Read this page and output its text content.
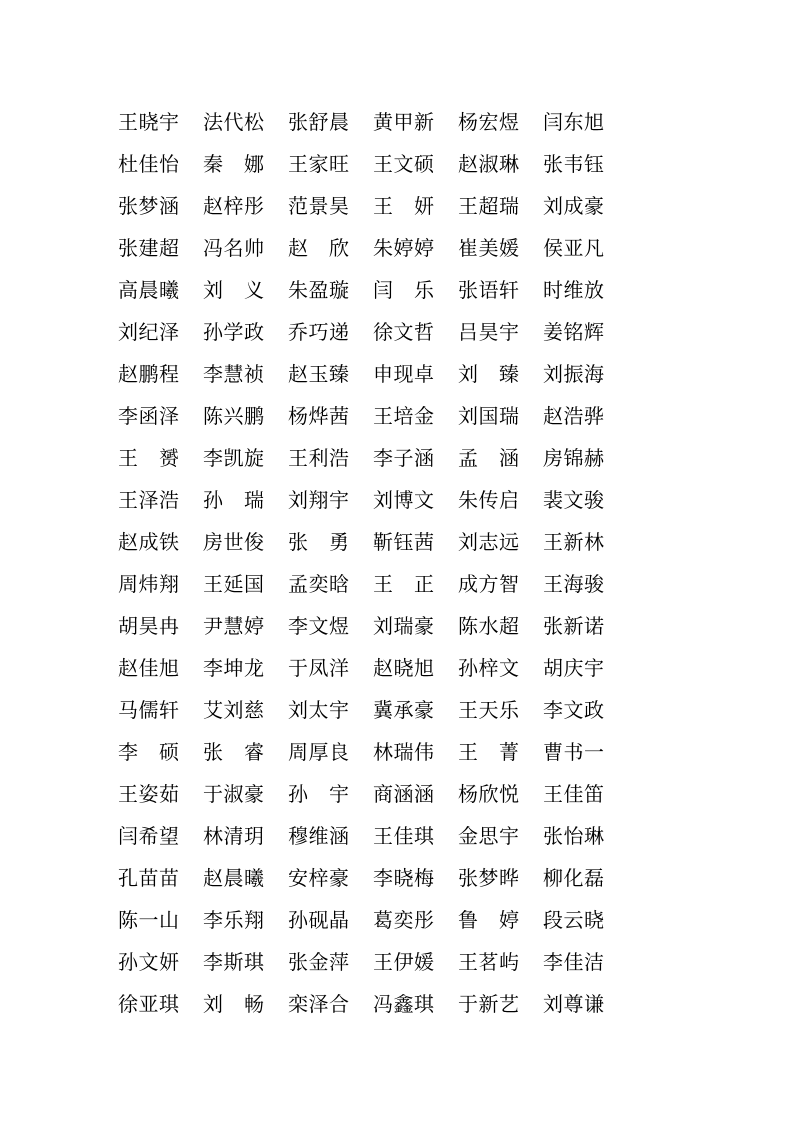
王晓宇	法代松	张舒晨	黄甲新	杨宏煜	闫东旭
杜佳怡	秦　娜	王家旺	王文硕	赵淑琳	张韦钰
张梦涵	赵梓彤	范景昊	王　妍	王超瑞	刘成豪
张建超	冯名帅	赵　欣	朱婷婷	崔美媛	侯亚凡
高晨曦	刘　义	朱盈璇	闫　乐	张语轩	时维放
刘纪泽	孙学政	乔巧递	徐文哲	吕昊宇	姜铭辉
赵鹏程	李慧祯	赵玉臻	申现卓	刘　臻	刘振海
李函泽	陈兴鹏	杨烨茜	王培金	刘国瑞	赵浩骅
王　赟	李凯旋	王利浩	李子涵	孟　涵	房锦赫
王泽浩	孙　瑞	刘翔宇	刘博文	朱传启	裴文骏
赵成铁	房世俊	张　勇	靳钰茜	刘志远	王新林
周炜翔	王延国	孟奕晗	王　正	成方智	王海骏
胡昊冉	尹慧婷	李文煜	刘瑞豪	陈水超	张新诺
赵佳旭	李坤龙	于凤洋	赵晓旭	孙梓文	胡庆宇
马儒轩	艾刘慈	刘太宇	冀承豪	王天乐	李文政
李　硕	张　睿	周厚良	林瑞伟	王　菁	曹书一
王姿茹	于淑豪	孙　宇	商涵涵	杨欣悦	王佳笛
闫希望	林清玥	穆维涵	王佳琪	金思宇	张怡琳
孔苗苗	赵晨曦	安梓豪	李晓梅	张梦晔	柳化磊
陈一山	李乐翔	孙砚晶	葛奕彤	鲁　婷	段云晓
孙文妍	李斯琪	张金萍	王伊媛	王茗屿	李佳洁
徐亚琪	刘　畅	栾泽合	冯鑫琪	于新艺	刘尊谦
